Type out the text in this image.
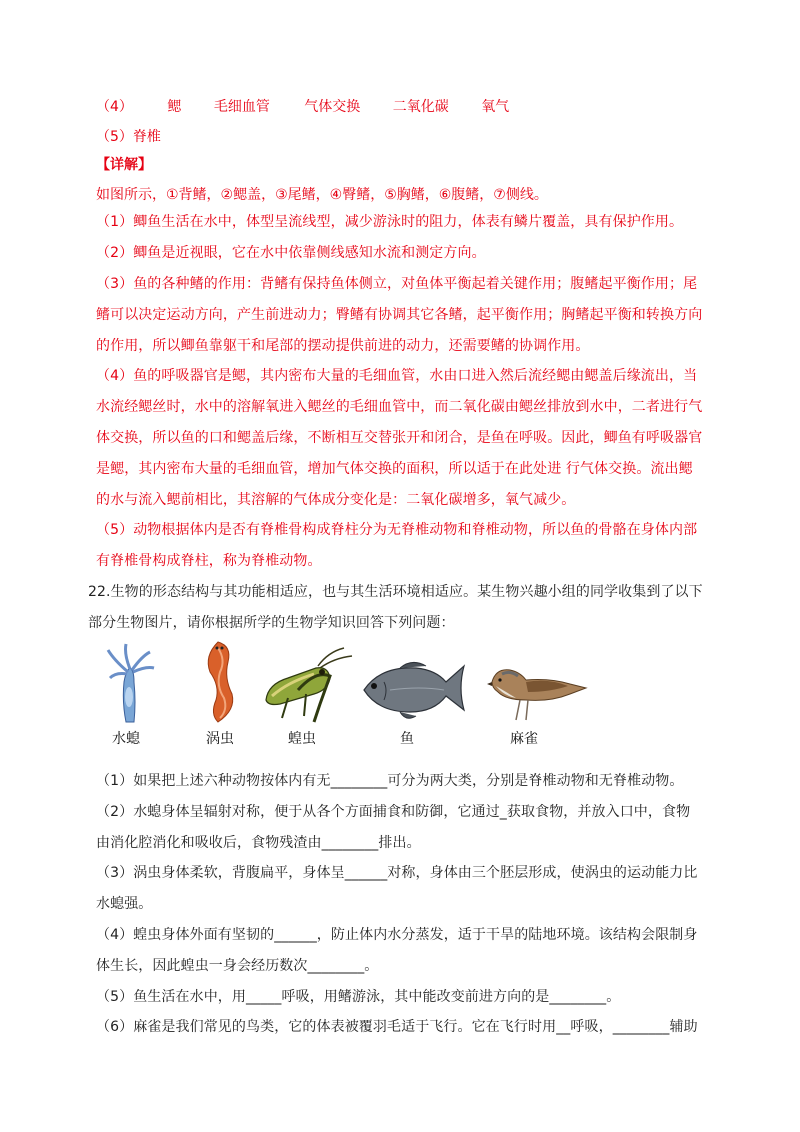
（4） 鳃 毛细血管 气体交换 二氧化碳 氧气
（5）脊椎
【详解】
如图所示，①背鳍，②鳃盖，③尾鳍，④臀鳍，⑤胸鳍，⑥腹鳍，⑦侧线。
（1）鲫鱼生活在水中，体型呈流线型，减少游泳时的阻力，体表有鳞片覆盖，具有保护作用。
（2）鲫鱼是近视眼，它在水中依靠侧线感知水流和测定方向。
（3）鱼的各种鳍的作用：背鳍有保持鱼体侧立，对鱼体平衡起着关键作用；腹鳍起平衡作用；尾鳍可以决定运动方向，产生前进动力；臀鳍有协调其它各鳍，起平衡作用；胸鳍起平衡和转换方向的作用，所以鲫鱼靠躯干和尾部的摆动提供前进的动力，还需要鳍的协调作用。
（4）鱼的呼吸器官是鳃，其内密布大量的毛细血管，水由口进入然后流经鳃由鳃盖后缘流出，当水流经鳃丝时，水中的溶解氧进入鳃丝的毛细血管中，而二氧化碳由鳃丝排放到水中，二者进行气体交换，所以鱼的口和鳃盖后缘，不断相互交替张开和闭合，是鱼在呼吸。因此，鲫鱼有呼吸器官是鳃，其内密布大量的毛细血管，增加气体交换的面积，所以适于在此处进 行气体交换。流出鳃的水与流入鳃前相比，其溶解的气体成分变化是：二氧化碳增多，氧气减少。
（5）动物根据体内是否有脊椎骨构成脊柱分为无脊椎动物和脊椎动物，所以鱼的骨骼在身体内部有脊椎骨构成脊柱，称为脊椎动物。
22.生物的形态结构与其功能相适应，也与其生活环境相适应。某生物兴趣小组的同学收集到了以下部分生物图片，请你根据所学的生物学知识回答下列问题：
水螅	涡虫	蝗虫	鱼	麻雀
（1）如果把上述六种动物按体内有无________可分为两大类，分别是脊椎动物和无脊椎动物。
（2）水螅身体呈辐射对称，便于从各个方面捕食和防御，它通过_获取食物，并放入口中，食物由消化腔消化和吸收后，食物残渣由________排出。
（3）涡虫身体柔软，背腹扁平，身体呈______对称，身体由三个胚层形成，使涡虫的运动能力比水螅强。
（4）蝗虫身体外面有坚韧的______，防止体内水分蒸发，适于干旱的陆地环境。该结构会限制身体生长，因此蝗虫一身会经历数次________。
（5）鱼生活在水中，用_____呼吸，用鳍游泳，其中能改变前进方向的是________。
（6）麻雀是我们常见的鸟类，它的体表被覆羽毛适于飞行。它在飞行时用__呼吸，________辅助
